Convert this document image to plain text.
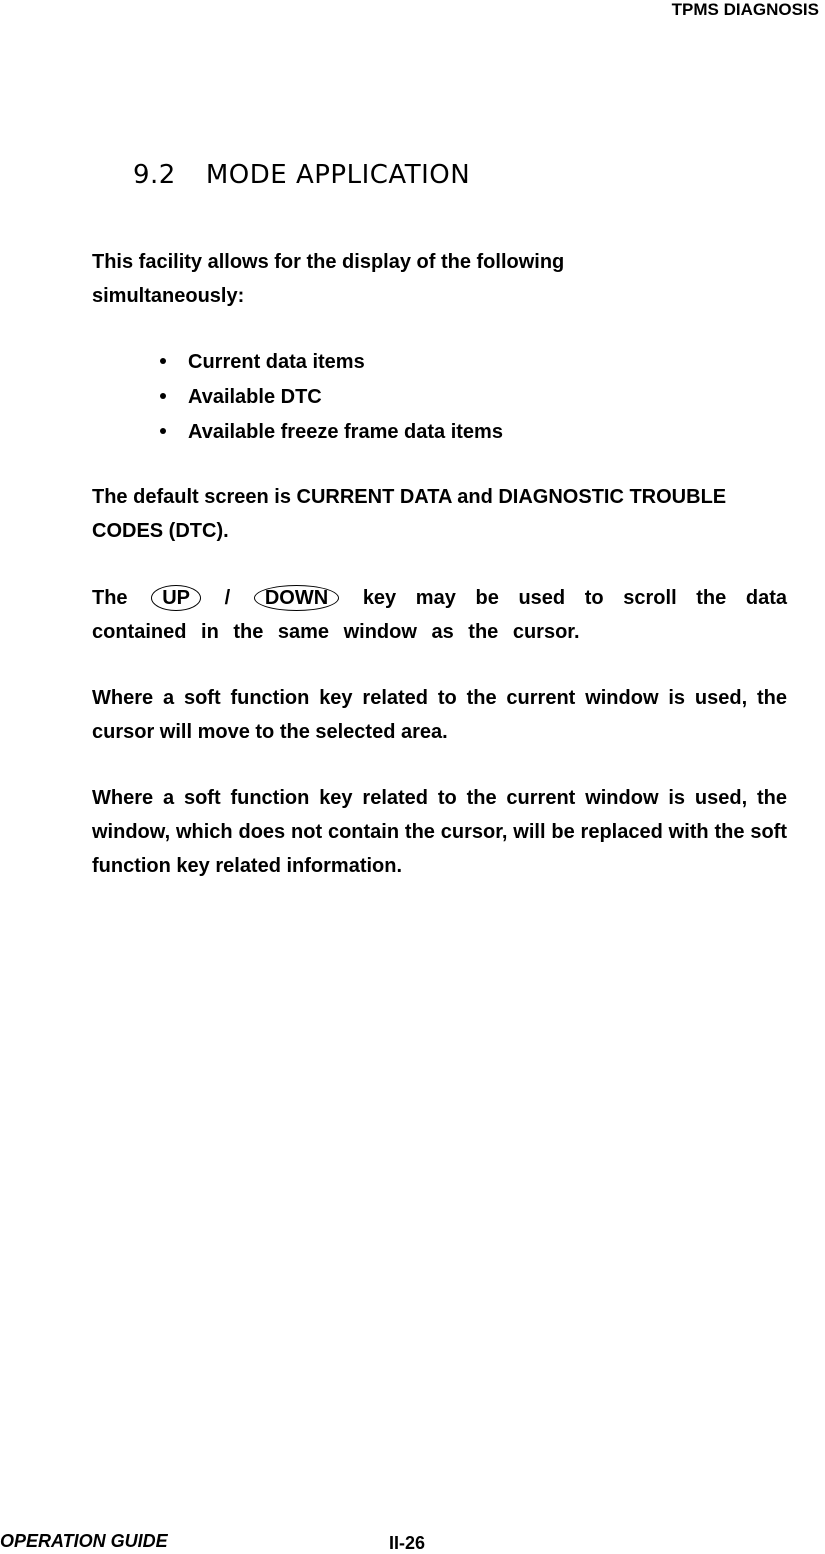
TPMS DIAGNOSIS
9.2 MODE APPLICATION
This facility allows for the display of the following simultaneously:
Current data items
Available DTC
Available freeze frame data items
The default screen is CURRENT DATA and DIAGNOSTIC TROUBLE CODES (DTC).
The UP / DOWN key may be used to scroll the data contained in the same window as the cursor.
Where a soft function key related to the current window is used, the cursor will move to the selected area.
Where a soft function key related to the current window is used, the window, which does not contain the cursor, will be replaced with the soft function key related information.
OPERATION GUIDE	II-26
